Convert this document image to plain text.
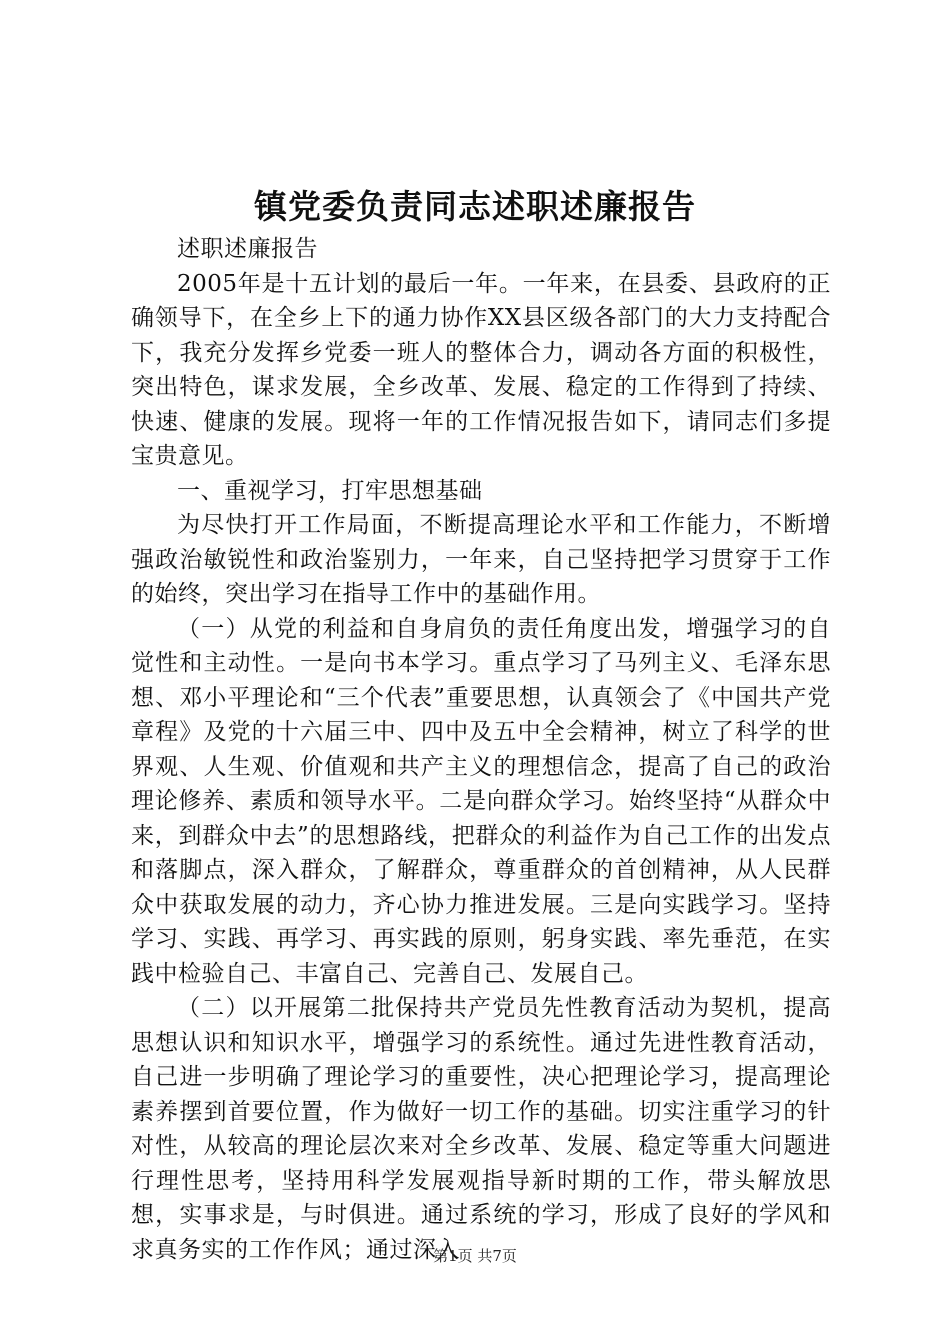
镇党委负责同志述职述廉报告

述职述廉报告

2005年是十五计划的最后一年。一年来，在县委、县政府的正确领导下，在全乡上下的通力协作XX县区级各部门的大力支持配合下，我充分发挥乡党委一班人的整体合力，调动各方面的积极性，突出特色，谋求发展，全乡改革、发展、稳定的工作得到了持续、快速、健康的发展。现将一年的工作情况报告如下，请同志们多提宝贵意见。

一、重视学习，打牢思想基础

为尽快打开工作局面，不断提高理论水平和工作能力，不断增强政治敏锐性和政治鉴别力，一年来，自己坚持把学习贯穿于工作的始终，突出学习在指导工作中的基础作用。

（一）从党的利益和自身肩负的责任角度出发，增强学习的自觉性和主动性。一是向书本学习。重点学习了马列主义、毛泽东思想、邓小平理论和“三个代表”重要思想，认真领会了《中国共产党章程》及党的十六届三中、四中及五中全会精神，树立了科学的世界观、人生观、价值观和共产主义的理想信念，提高了自己的政治理论修养、素质和领导水平。二是向群众学习。始终坚持“从群众中来，到群众中去”的思想路线，把群众的利益作为自己工作的出发点和落脚点，深入群众，了解群众，尊重群众的首创精神，从人民群众中获取发展的动力，齐心协力推进发展。三是向实践学习。坚持学习、实践、再学习、再实践的原则，躬身实践、率先垂范，在实践中检验自己、丰富自己、完善自己、发展自己。

（二）以开展第二批保持共产党员先性教育活动为契机，提高思想认识和知识水平，增强学习的系统性。通过先进性教育活动，自己进一步明确了理论学习的重要性，决心把理论学习，提高理论素养摆到首要位置，作为做好一切工作的基础。切实注重学习的针对性，从较高的理论层次来对全乡改革、发展、稳定等重大问题进行理性思考，坚持用科学发展观指导新时期的工作，带头解放思想，实事求是，与时俱进。通过系统的学习，形成了良好的学风和求真务实的工作作风；通过深入

第1页 共7页
